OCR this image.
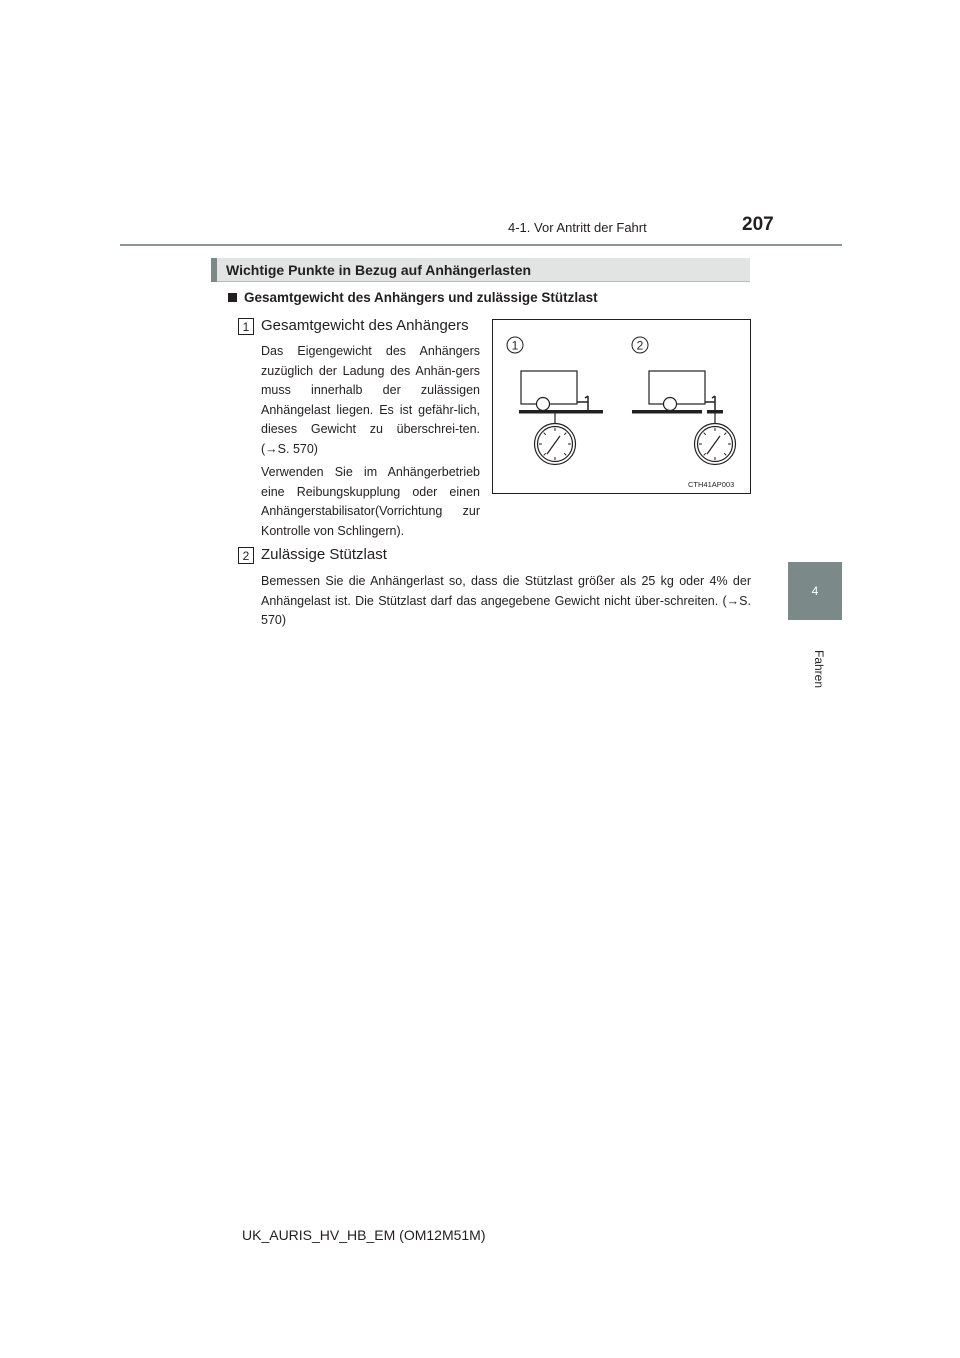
4-1. Vor Antritt der Fahrt	207
4
Fahren
Wichtige Punkte in Bezug auf Anhängerlasten
Gesamtgewicht des Anhängers und zulässige Stützlast
1 Gesamtgewicht des Anhängers
Das Eigengewicht des Anhängers zuzüglich der Ladung des Anhän-gers muss innerhalb der zulässigen Anhängelast liegen. Es ist gefähr-lich, dieses Gewicht zu überschrei-ten. (→S. 570)
Verwenden Sie im Anhängerbetrieb eine Reibungskupplung oder einen Anhängerstabilisator(Vorrichtung zur Kontrolle von Schlingern).
1	2
CTH41AP003
2 Zulässige Stützlast
Bemessen Sie die Anhängerlast so, dass die Stützlast größer als 25 kg oder 4% der Anhängelast ist. Die Stützlast darf das angegebene Gewicht nicht über-schreiten. (→S. 570)
UK_AURIS_HV_HB_EM (OM12M51M)
